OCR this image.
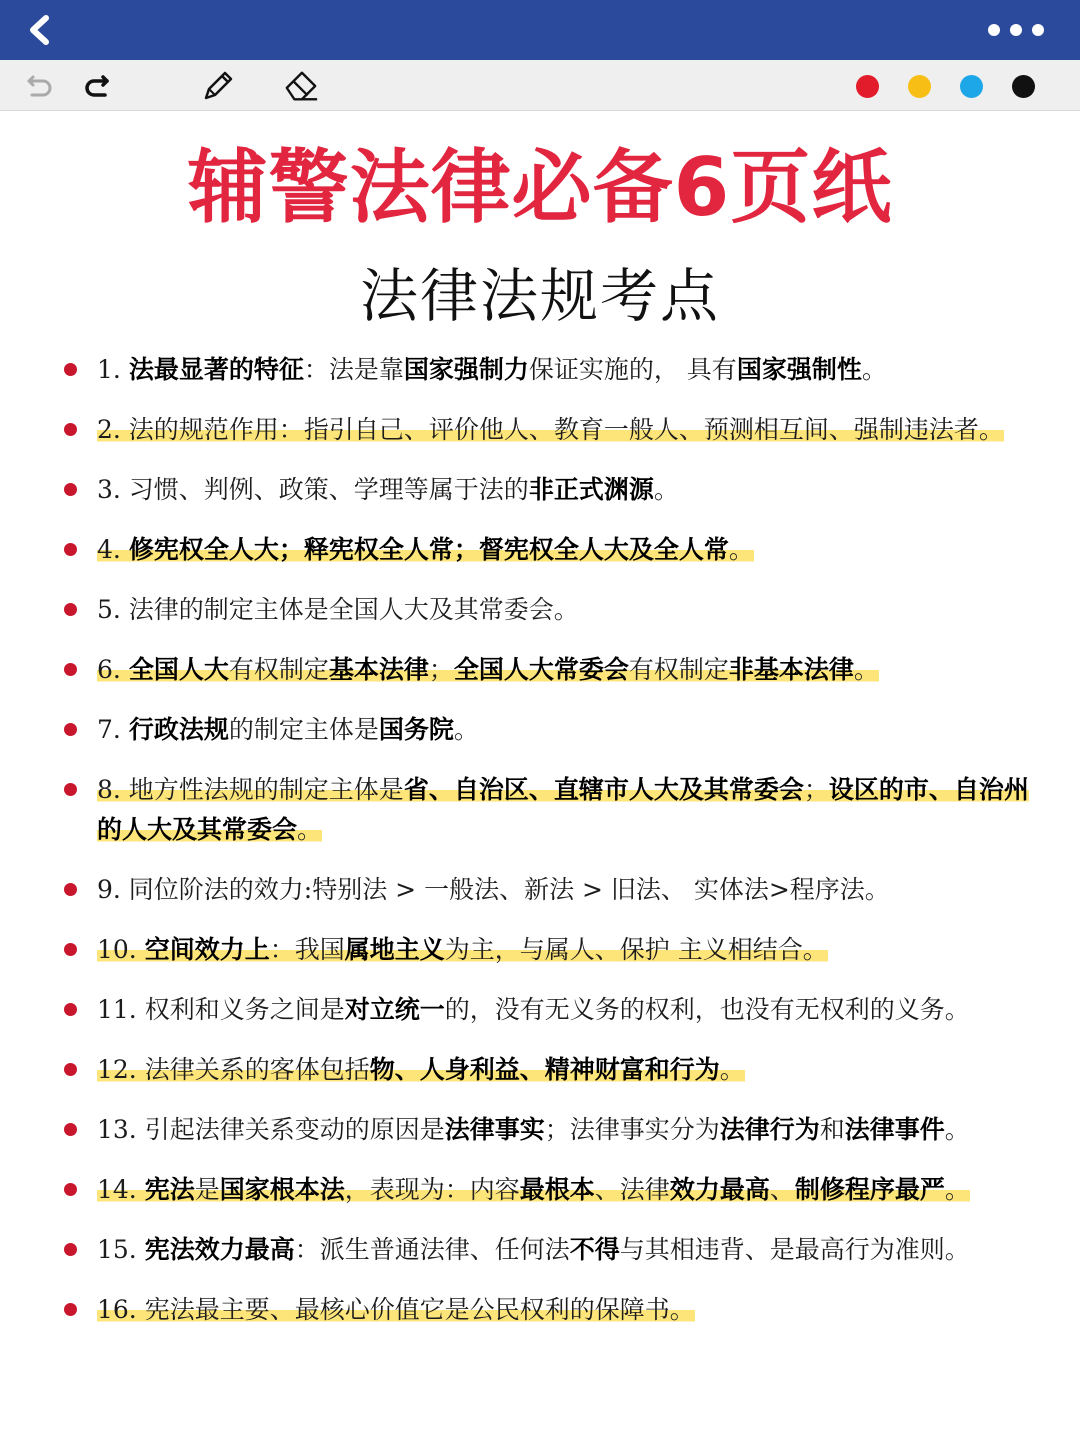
辅警法律必备6页纸
法律法规考点
1. 法最显著的特征：法是靠国家强制力保证实施的， 具有国家强制性。
2. 法的规范作用：指引自己、评价他人、教育一般人、预测相互间、强制违法者。
3. 习惯、判例、政策、学理等属于法的非正式渊源。
4. 修宪权全人大；释宪权全人常；督宪权全人大及全人常。
5. 法律的制定主体是全国人大及其常委会。
6. 全国人大有权制定基本法律；全国人大常委会有权制定非基本法律。
7. 行政法规的制定主体是国务院。
8. 地方性法规的制定主体是省、自治区、直辖市人大及其常委会；设区的市、自治州的人大及其常委会。
9. 同位阶法的效力:特别法 > 一般法、新法 > 旧法、 实体法>程序法。
10. 空间效力上：我国属地主义为主，与属人、保护 主义相结合。
11. 权利和义务之间是对立统一的，没有无义务的权利，也没有无权利的义务。
12. 法律关系的客体包括物、人身利益、精神财富和行为。
13. 引起法律关系变动的原因是法律事实；法律事实分为法律行为和法律事件。
14. 宪法是国家根本法，表现为：内容最根本、法律效力最高、制修程序最严。
15. 宪法效力最高：派生普通法律、任何法不得与其相违背、是最高行为准则。
16. 宪法最主要、最核心价值它是公民权利的保障书。
